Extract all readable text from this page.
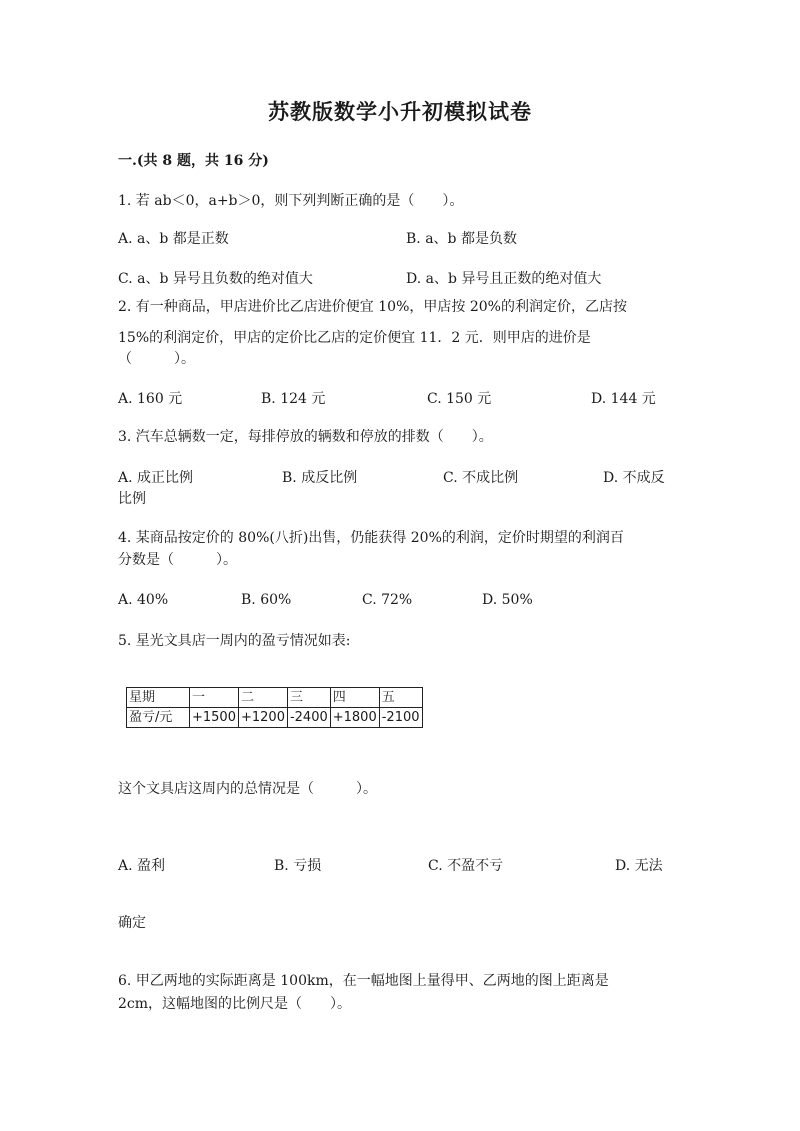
苏教版数学小升初模拟试卷
一.(共 8 题，共 16 分)
1. 若 ab＜0，a+b＞0，则下列判断正确的是（　　）。
A. a、b 都是正数	B. a、b 都是负数
C. a、b 异号且负数的绝对值大	D. a、b 异号且正数的绝对值大
2. 有一种商品，甲店进价比乙店进价便宜 10%，甲店按 20%的利润定价，乙店按
15%的利润定价，甲店的定价比乙店的定价便宜 11．2 元．则甲店的进价是
（　　　）。
A. 160 元	B. 124 元	C. 150 元	D. 144 元
3. 汽车总辆数一定，每排停放的辆数和停放的排数（　　）。
A. 成正比例	B. 成反比例	C. 不成比例	D. 不成反
比例
4. 某商品按定价的 80%(八折)出售，仍能获得 20%的利润，定价时期望的利润百
分数是（　　　）。
A. 40%	B. 60%	C. 72%	D. 50%
5. 星光文具店一周内的盈亏情况如表:
星期	一	二	三	四	五
盈亏/元	+1500	+1200	-2400	+1800	-2100
这个文具店这周内的总情况是（　　　）。
A. 盈利	B. 亏损	C. 不盈不亏	D. 无法
确定
6. 甲乙两地的实际距离是 100km，在一幅地图上量得甲、乙两地的图上距离是
2cm，这幅地图的比例尺是（　　）。
